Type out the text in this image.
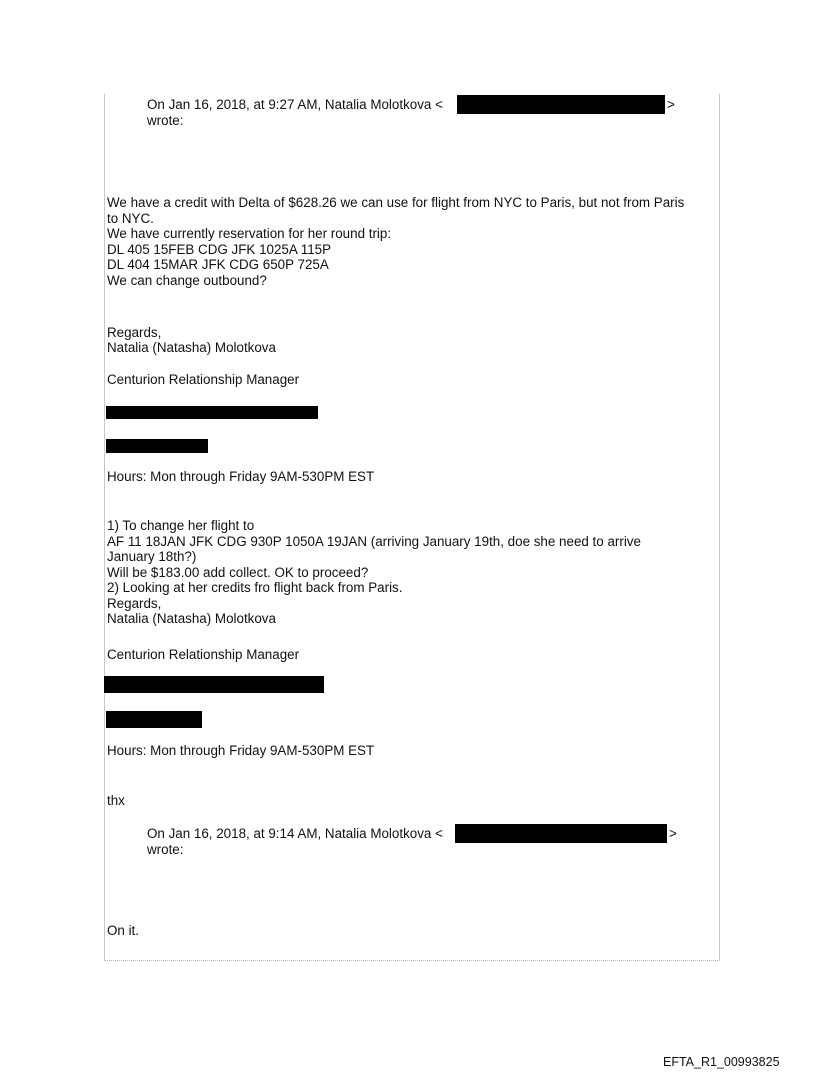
On Jan 16, 2018, at 9:27 AM, Natalia Molotkova <	>
wrote:
We have a credit with Delta of $628.26 we can use for flight from NYC to Paris, but not from Paris
to NYC.
We have currently reservation for her round trip:
DL 405 15FEB CDG JFK 1025A 115P
DL 404 15MAR JFK CDG 650P 725A
We can change outbound?
Regards,
Natalia (Natasha) Molotkova
Centurion Relationship Manager
Hours: Mon through Friday 9AM-530PM EST
1) To change her flight to
AF 11 18JAN JFK CDG 930P 1050A 19JAN (arriving January 19th, doe she need to arrive
January 18th?)
Will be $183.00 add collect. OK to proceed?
2) Looking at her credits fro flight back from Paris.
Regards,
Natalia (Natasha) Molotkova
Centurion Relationship Manager
Hours: Mon through Friday 9AM-530PM EST
thx
On Jan 16, 2018, at 9:14 AM, Natalia Molotkova <	>
wrote:
On it.
EFTA_R1_00993825
